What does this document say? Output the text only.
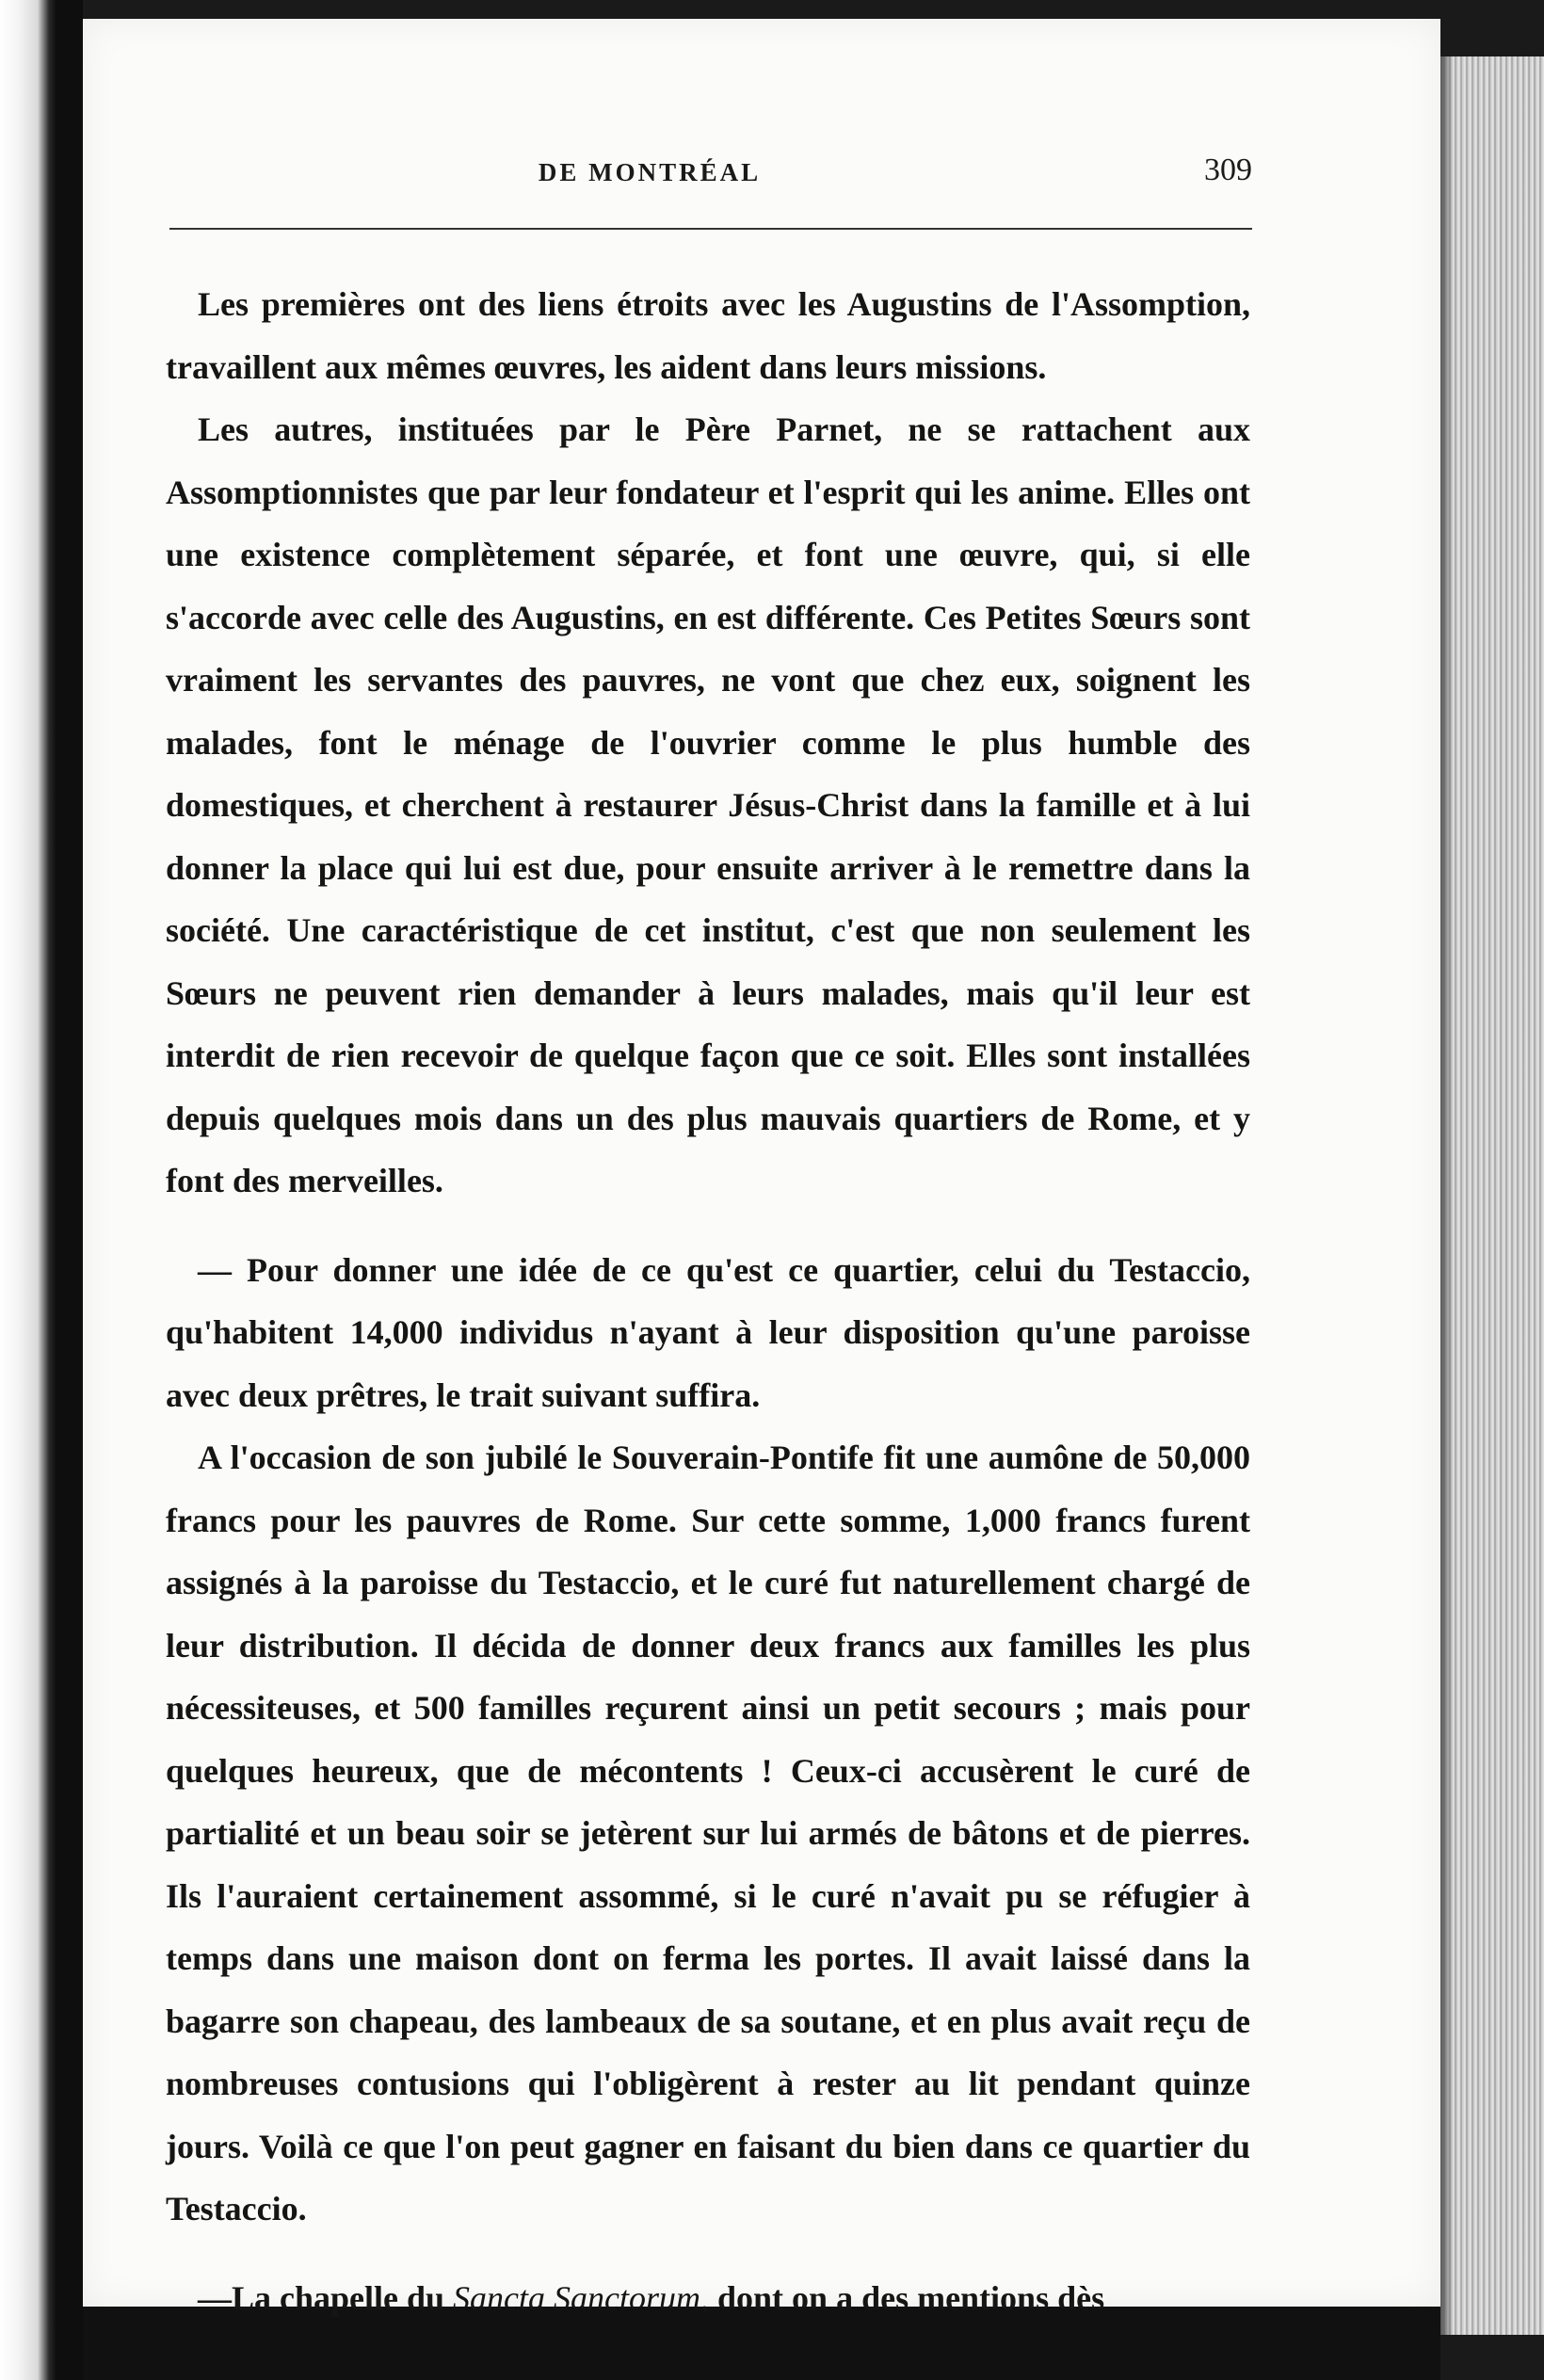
DE MONTRÉAL	309

Les premières ont des liens étroits avec les Augustins de l'Assomption, travaillent aux mêmes œuvres, les aident dans leurs missions.

Les autres, instituées par le Père Parnet, ne se rattachent aux Assomptionnistes que par leur fondateur et l'esprit qui les anime. Elles ont une existence complètement séparée, et font une œuvre, qui, si elle s'accorde avec celle des Augustins, en est différente. Ces Petites Sœurs sont vraiment les servantes des pauvres, ne vont que chez eux, soignent les malades, font le ménage de l'ouvrier comme le plus humble des domestiques, et cherchent à restaurer Jésus-Christ dans la famille et à lui donner la place qui lui est due, pour ensuite arriver à le remettre dans la société. Une caractéristique de cet institut, c'est que non seulement les Sœurs ne peuvent rien demander à leurs malades, mais qu'il leur est interdit de rien recevoir de quelque façon que ce soit. Elles sont installées depuis quelques mois dans un des plus mauvais quartiers de Rome, et y font des merveilles.

— Pour donner une idée de ce qu'est ce quartier, celui du Testaccio, qu'habitent 14,000 individus n'ayant à leur disposition qu'une paroisse avec deux prêtres, le trait suivant suffira.

A l'occasion de son jubilé le Souverain-Pontife fit une aumône de 50,000 francs pour les pauvres de Rome. Sur cette somme, 1,000 francs furent assignés à la paroisse du Testaccio, et le curé fut naturellement chargé de leur distribution. Il décida de donner deux francs aux familles les plus nécessiteuses, et 500 familles reçurent ainsi un petit secours ; mais pour quelques heureux, que de mécontents ! Ceux-ci accusèrent le curé de partialité et un beau soir se jetèrent sur lui armés de bâtons et de pierres. Ils l'auraient certainement assommé, si le curé n'avait pu se réfugier à temps dans une maison dont on ferma les portes. Il avait laissé dans la bagarre son chapeau, des lambeaux de sa soutane, et en plus avait reçu de nombreuses contusions qui l'obligèrent à rester au lit pendant quinze jours. Voilà ce que l'on peut gagner en faisant du bien dans ce quartier du Testaccio.

—La chapelle du Sancta Sanctorum, dont on a des mentions dès
